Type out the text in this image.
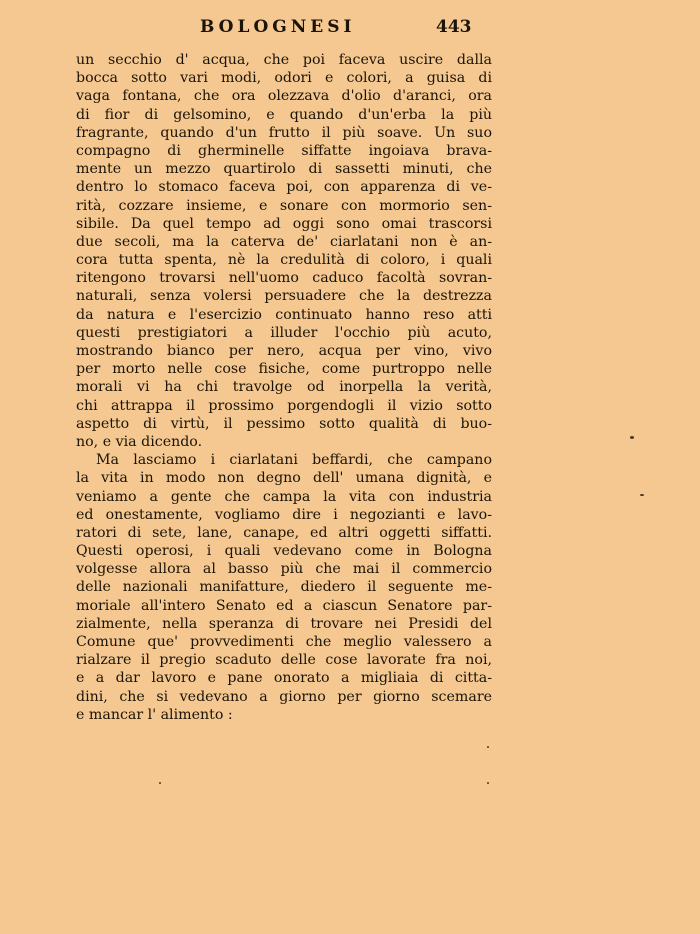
BOLOGNESI	443
un secchio d' acqua, che poi faceva uscire dalla
bocca sotto vari modi, odori e colori, a guisa di
vaga fontana, che ora olezzava d'olio d'aranci, ora
di fior di gelsomino, e quando d'un'erba la più
fragrante, quando d'un frutto il più soave. Un suo
compagno di gherminelle siffatte ingoiava brava-
mente un mezzo quartirolo di sassetti minuti, che
dentro lo stomaco faceva poi, con apparenza di ve-
rità, cozzare insieme, e sonare con mormorio sen-
sibile. Da quel tempo ad oggi sono omai trascorsi
due secoli, ma la caterva de' ciarlatani non è an-
cora tutta spenta, nè la credulità di coloro, i quali
ritengono trovarsi nell'uomo caduco facoltà sovran-
naturali, senza volersi persuadere che la destrezza
da natura e l'esercizio continuato hanno reso atti
questi prestigiatori a illuder l'occhio più acuto,
mostrando bianco per nero, acqua per vino, vivo
per morto nelle cose fisiche, come purtroppo nelle
morali vi ha chi travolge od inorpella la verità,
chi attrappa il prossimo porgendogli il vizio sotto
aspetto di virtù, il pessimo sotto qualità di buo-
no, e via dicendo.
Ma lasciamo i ciarlatani beffardi, che campano
la vita in modo non degno dell' umana dignità, e
veniamo a gente che campa la vita con industria
ed onestamente, vogliamo dire i negozianti e lavo-
ratori di sete, lane, canape, ed altri oggetti siffatti.
Questi operosi, i quali vedevano come in Bologna
volgesse allora al basso più che mai il commercio
delle nazionali manifatture, diedero il seguente me-
moriale all'intero Senato ed a ciascun Senatore par-
zialmente, nella speranza di trovare nei Presidi del
Comune que' provvedimenti che meglio valessero a
rialzare il pregio scaduto delle cose lavorate fra noi,
e a dar lavoro e pane onorato a migliaia di citta-
dini, che si vedevano a giorno per giorno scemare
e mancar l' alimento :
